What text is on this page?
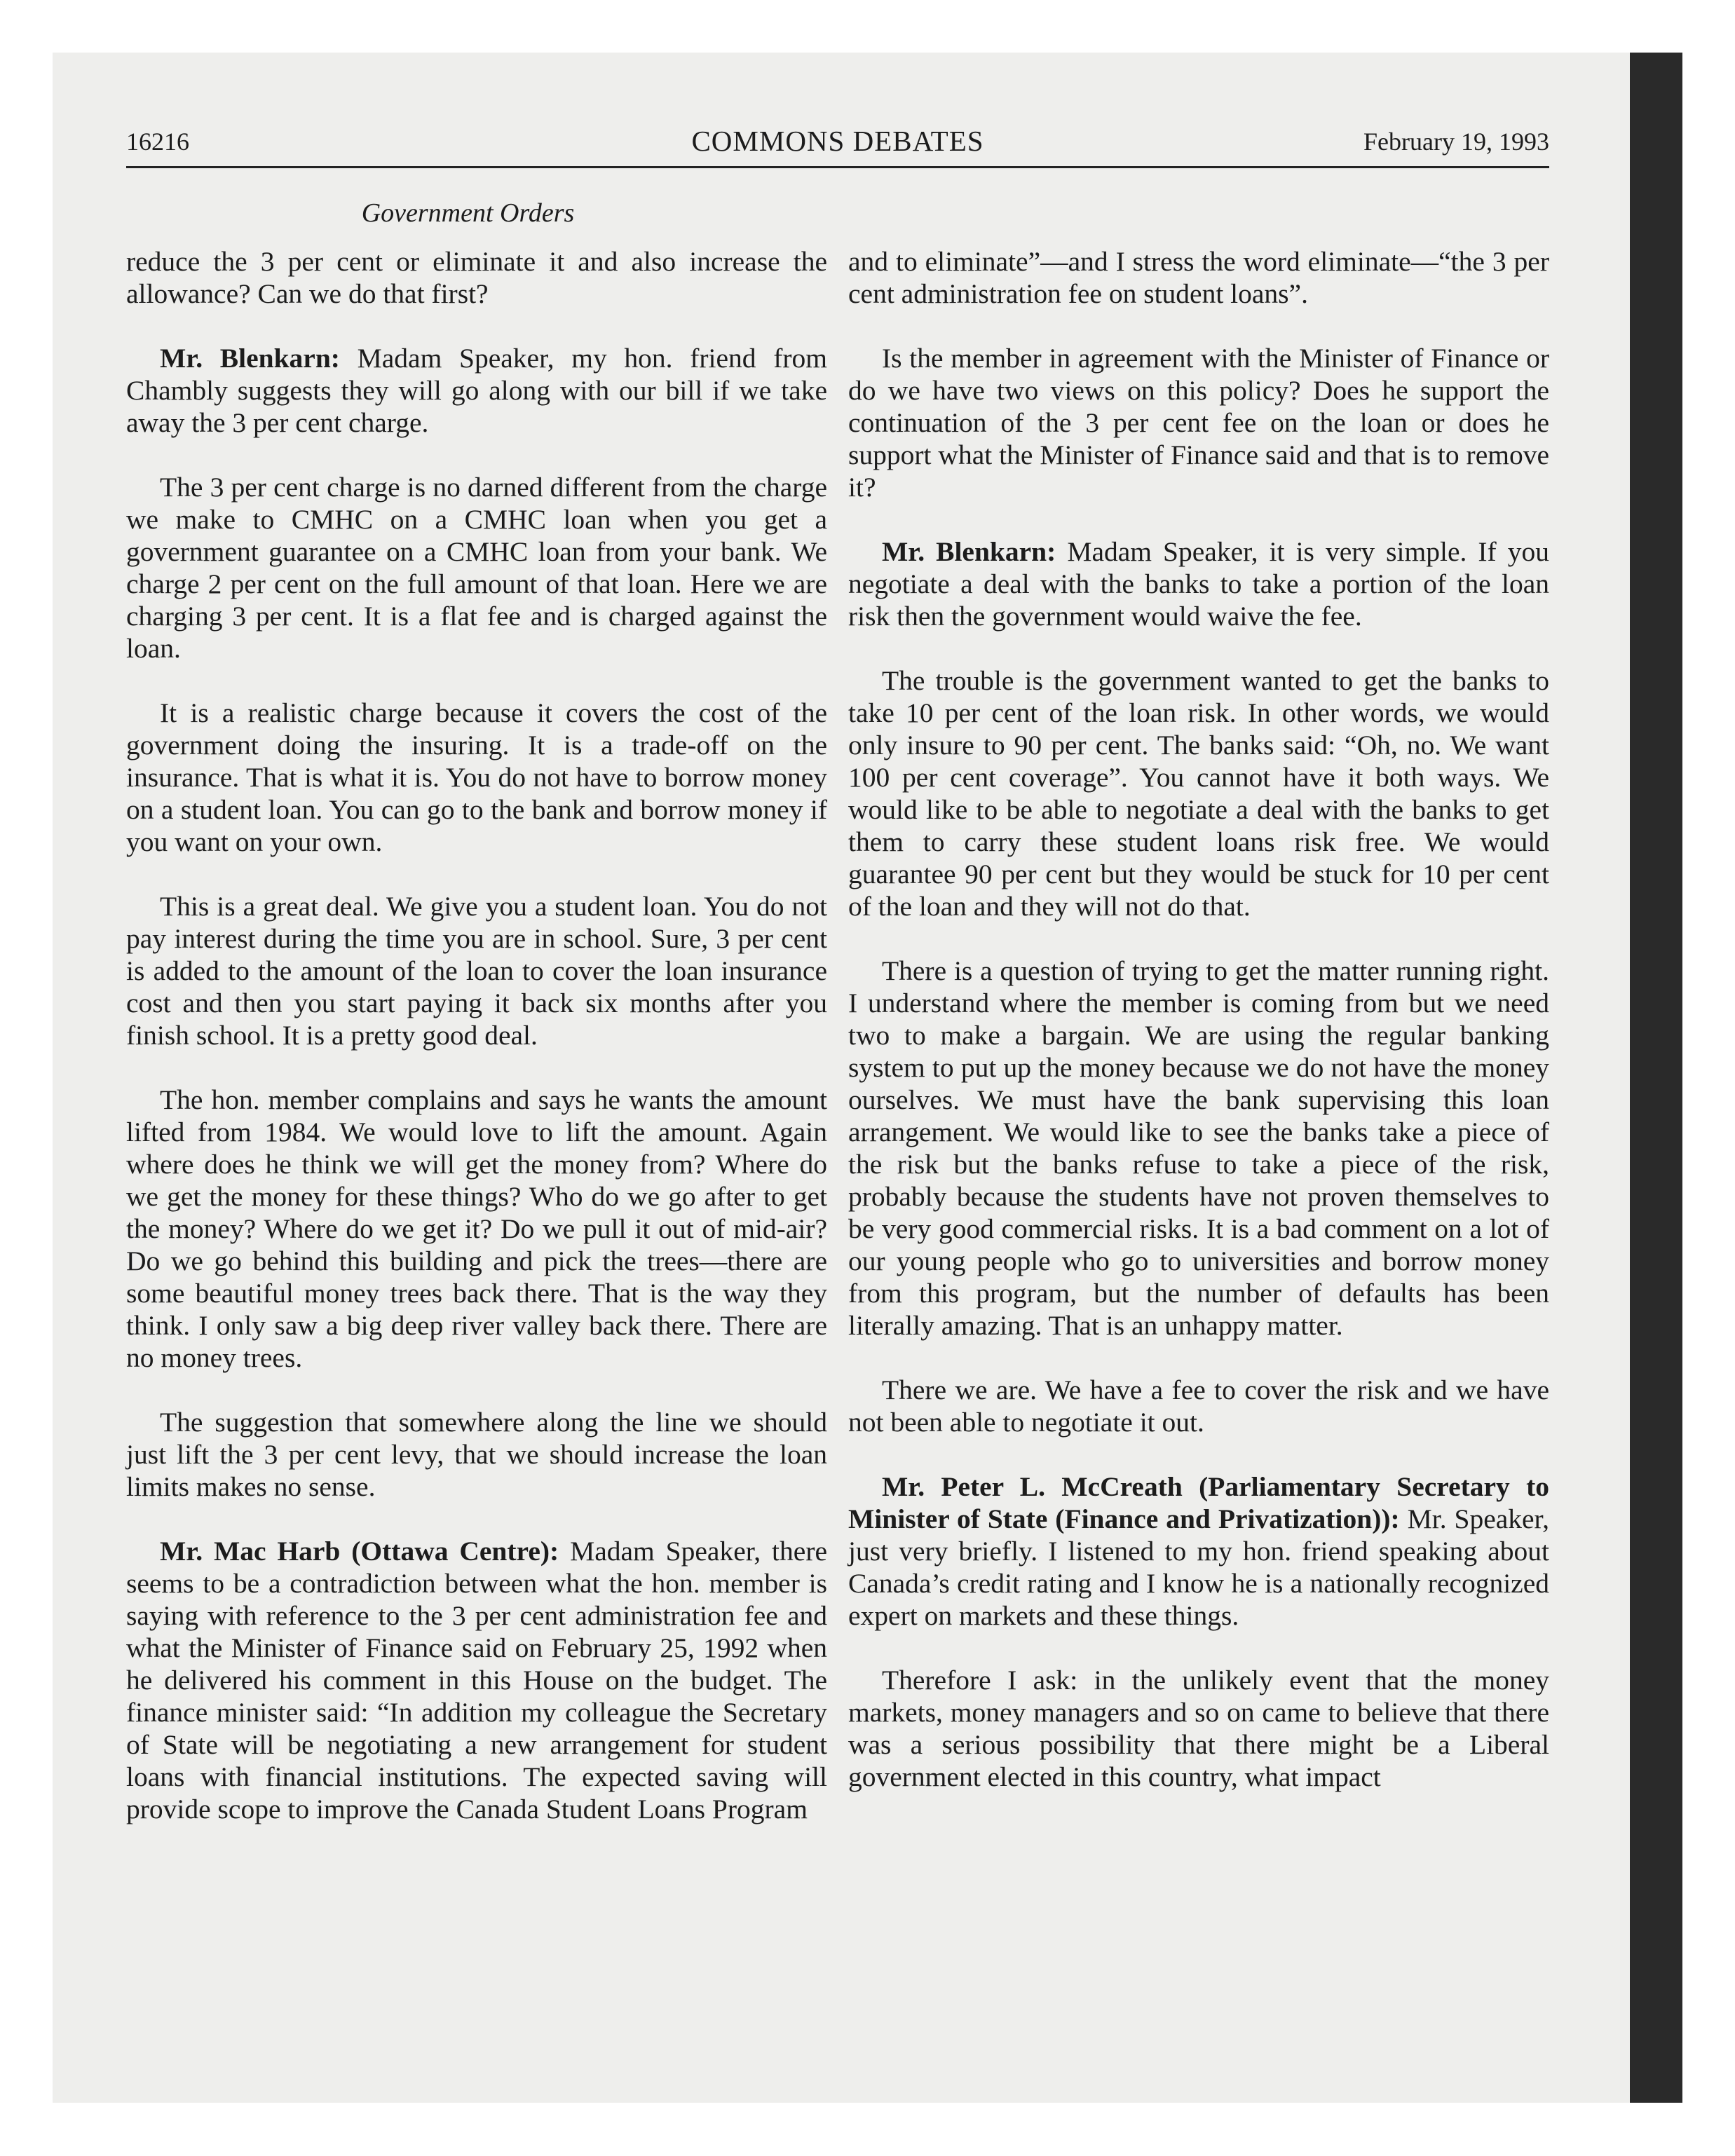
16216	COMMONS DEBATES	February 19, 1993
Government Orders

reduce the 3 per cent or eliminate it and also increase the allowance? Can we do that first?

Mr. Blenkarn: Madam Speaker, my hon. friend from Chambly suggests they will go along with our bill if we take away the 3 per cent charge.

The 3 per cent charge is no darned different from the charge we make to CMHC on a CMHC loan when you get a government guarantee on a CMHC loan from your bank. We charge 2 per cent on the full amount of that loan. Here we are charging 3 per cent. It is a flat fee and is charged against the loan.

It is a realistic charge because it covers the cost of the government doing the insuring. It is a trade-off on the insurance. That is what it is. You do not have to borrow money on a student loan. You can go to the bank and borrow money if you want on your own.

This is a great deal. We give you a student loan. You do not pay interest during the time you are in school. Sure, 3 per cent is added to the amount of the loan to cover the loan insurance cost and then you start paying it back six months after you finish school. It is a pretty good deal.

The hon. member complains and says he wants the amount lifted from 1984. We would love to lift the amount. Again where does he think we will get the money from? Where do we get the money for these things? Who do we go after to get the money? Where do we get it? Do we pull it out of mid-air? Do we go behind this building and pick the trees—there are some beautiful money trees back there. That is the way they think. I only saw a big deep river valley back there. There are no money trees.

The suggestion that somewhere along the line we should just lift the 3 per cent levy, that we should increase the loan limits makes no sense.

Mr. Mac Harb (Ottawa Centre): Madam Speaker, there seems to be a contradiction between what the hon. member is saying with reference to the 3 per cent administration fee and what the Minister of Finance said on February 25, 1992 when he delivered his comment in this House on the budget. The finance minister said: “In addition my colleague the Secretary of State will be negotiating a new arrangement for student loans with financial institutions. The expected saving will provide scope to improve the Canada Student Loans Program

and to eliminate”—and I stress the word eliminate—“the 3 per cent administration fee on student loans”.

Is the member in agreement with the Minister of Finance or do we have two views on this policy? Does he support the continuation of the 3 per cent fee on the loan or does he support what the Minister of Finance said and that is to remove it?

Mr. Blenkarn: Madam Speaker, it is very simple. If you negotiate a deal with the banks to take a portion of the loan risk then the government would waive the fee.

The trouble is the government wanted to get the banks to take 10 per cent of the loan risk. In other words, we would only insure to 90 per cent. The banks said: “Oh, no. We want 100 per cent coverage”. You cannot have it both ways. We would like to be able to negotiate a deal with the banks to get them to carry these student loans risk free. We would guarantee 90 per cent but they would be stuck for 10 per cent of the loan and they will not do that.

There is a question of trying to get the matter running right. I understand where the member is coming from but we need two to make a bargain. We are using the regular banking system to put up the money because we do not have the money ourselves. We must have the bank supervising this loan arrangement. We would like to see the banks take a piece of the risk but the banks refuse to take a piece of the risk, probably because the students have not proven themselves to be very good commercial risks. It is a bad comment on a lot of our young people who go to universities and borrow money from this program, but the number of defaults has been literally amazing. That is an unhappy matter.

There we are. We have a fee to cover the risk and we have not been able to negotiate it out.

Mr. Peter L. McCreath (Parliamentary Secretary to Minister of State (Finance and Privatization)): Mr. Speaker, just very briefly. I listened to my hon. friend speaking about Canada’s credit rating and I know he is a nationally recognized expert on markets and these things.

Therefore I ask: in the unlikely event that the money markets, money managers and so on came to believe that there was a serious possibility that there might be a Liberal government elected in this country, what impact
